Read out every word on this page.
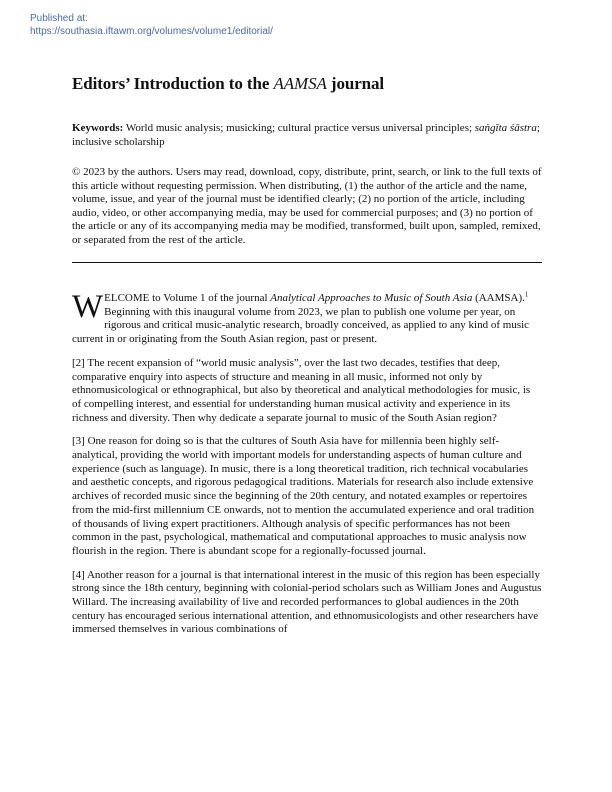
Published at:
https://southasia.iftawm.org/volumes/volume1/editorial/
Editors’ Introduction to the AAMSA journal

Keywords: World music analysis; musicking; cultural practice versus universal principles; saṅgīta śāstra; inclusive scholarship

© 2023 by the authors. Users may read, download, copy, distribute, print, search, or link to the full texts of this article without requesting permission. When distributing, (1) the author of the article and the name, volume, issue, and year of the journal must be identified clearly; (2) no portion of the article, including audio, video, or other accompanying media, may be used for commercial purposes; and (3) no portion of the article or any of its accompanying media may be modified, transformed, built upon, sampled, remixed, or separated from the rest of the article.

WELCOME to Volume 1 of the journal Analytical Approaches to Music of South Asia (AAMSA).$^1$ Beginning with this inaugural volume from 2023, we plan to publish one volume per year, on rigorous and critical music-analytic research, broadly conceived, as applied to any kind of music current in or originating from the South Asian region, past or present.

[2] The recent expansion of “world music analysis”, over the last two decades, testifies that deep, comparative enquiry into aspects of structure and meaning in all music, informed not only by ethnomusicological or ethnographical, but also by theoretical and analytical methodologies for music, is of compelling interest, and essential for understanding human musical activity and experience in its richness and diversity. Then why dedicate a separate journal to music of the South Asian region?

[3] One reason for doing so is that the cultures of South Asia have for millennia been highly self-analytical, providing the world with important models for understanding aspects of human culture and experience (such as language). In music, there is a long theoretical tradition, rich technical vocabularies and aesthetic concepts, and rigorous pedagogical traditions. Materials for research also include extensive archives of recorded music since the beginning of the 20th century, and notated examples or repertoires from the mid-first millennium CE onwards, not to mention the accumulated experience and oral tradition of thousands of living expert practitioners. Although analysis of specific performances has not been common in the past, psychological, mathematical and computational approaches to music analysis now flourish in the region. There is abundant scope for a regionally-focussed journal.

[4] Another reason for a journal is that international interest in the music of this region has been especially strong since the 18th century, beginning with colonial-period scholars such as William Jones and Augustus Willard. The increasing availability of live and recorded performances to global audiences in the 20th century has encouraged serious international attention, and ethnomusicologists and other researchers have immersed themselves in various combinations of
